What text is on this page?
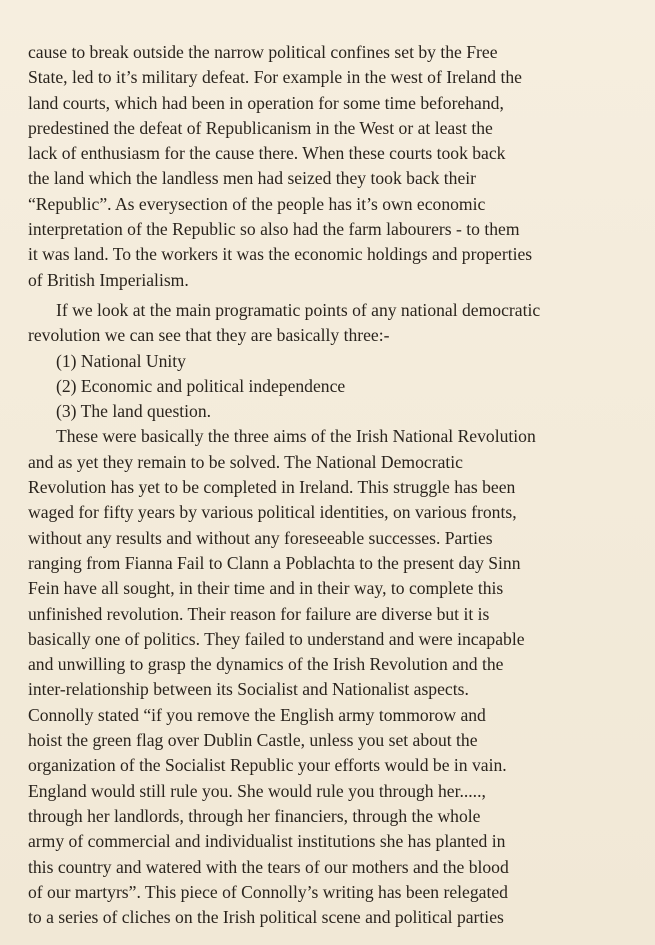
cause to break outside the narrow political confines set by the Free
State, led to it’s military defeat. For example in the west of Ireland the
land courts, which had been in operation for some time beforehand,
predestined the defeat of Republicanism in the West or at least the
lack of enthusiasm for the cause there. When these courts took back
the land which the landless men had seized they took back their
“Republic”. As everysection of the people has it’s own economic
interpretation of the Republic so also had the farm labourers - to them
it was land. To the workers it was the economic holdings and properties
of British Imperialism.
If we look at the main programatic points of any national democratic
revolution we can see that they are basically three:-
(1) National Unity
(2) Economic and political independence
(3) The land question.
These were basically the three aims of the Irish National Revolution
and as yet they remain to be solved. The National Democratic
Revolution has yet to be completed in Ireland. This struggle has been
waged for fifty years by various political identities, on various fronts,
without any results and without any foreseeable successes. Parties
ranging from Fianna Fail to Clann a Poblachta to the present day Sinn
Fein have all sought, in their time and in their way, to complete this
unfinished revolution. Their reason for failure are diverse but it is
basically one of politics. They failed to understand and were incapable
and unwilling to grasp the dynamics of the Irish Revolution and the
inter-relationship between its Socialist and Nationalist aspects.
Connolly stated “if you remove the English army tommorow and
hoist the green flag over Dublin Castle, unless you set about the
organization of the Socialist Republic your efforts would be in vain.
England would still rule you. She would rule you through her.....,
through her landlords, through her financiers, through the whole
army of commercial and individualist institutions she has planted in
this country and watered with the tears of our mothers and the blood
of our martyrs”. This piece of Connolly’s writing has been relegated
to a series of cliches on the Irish political scene and political parties
